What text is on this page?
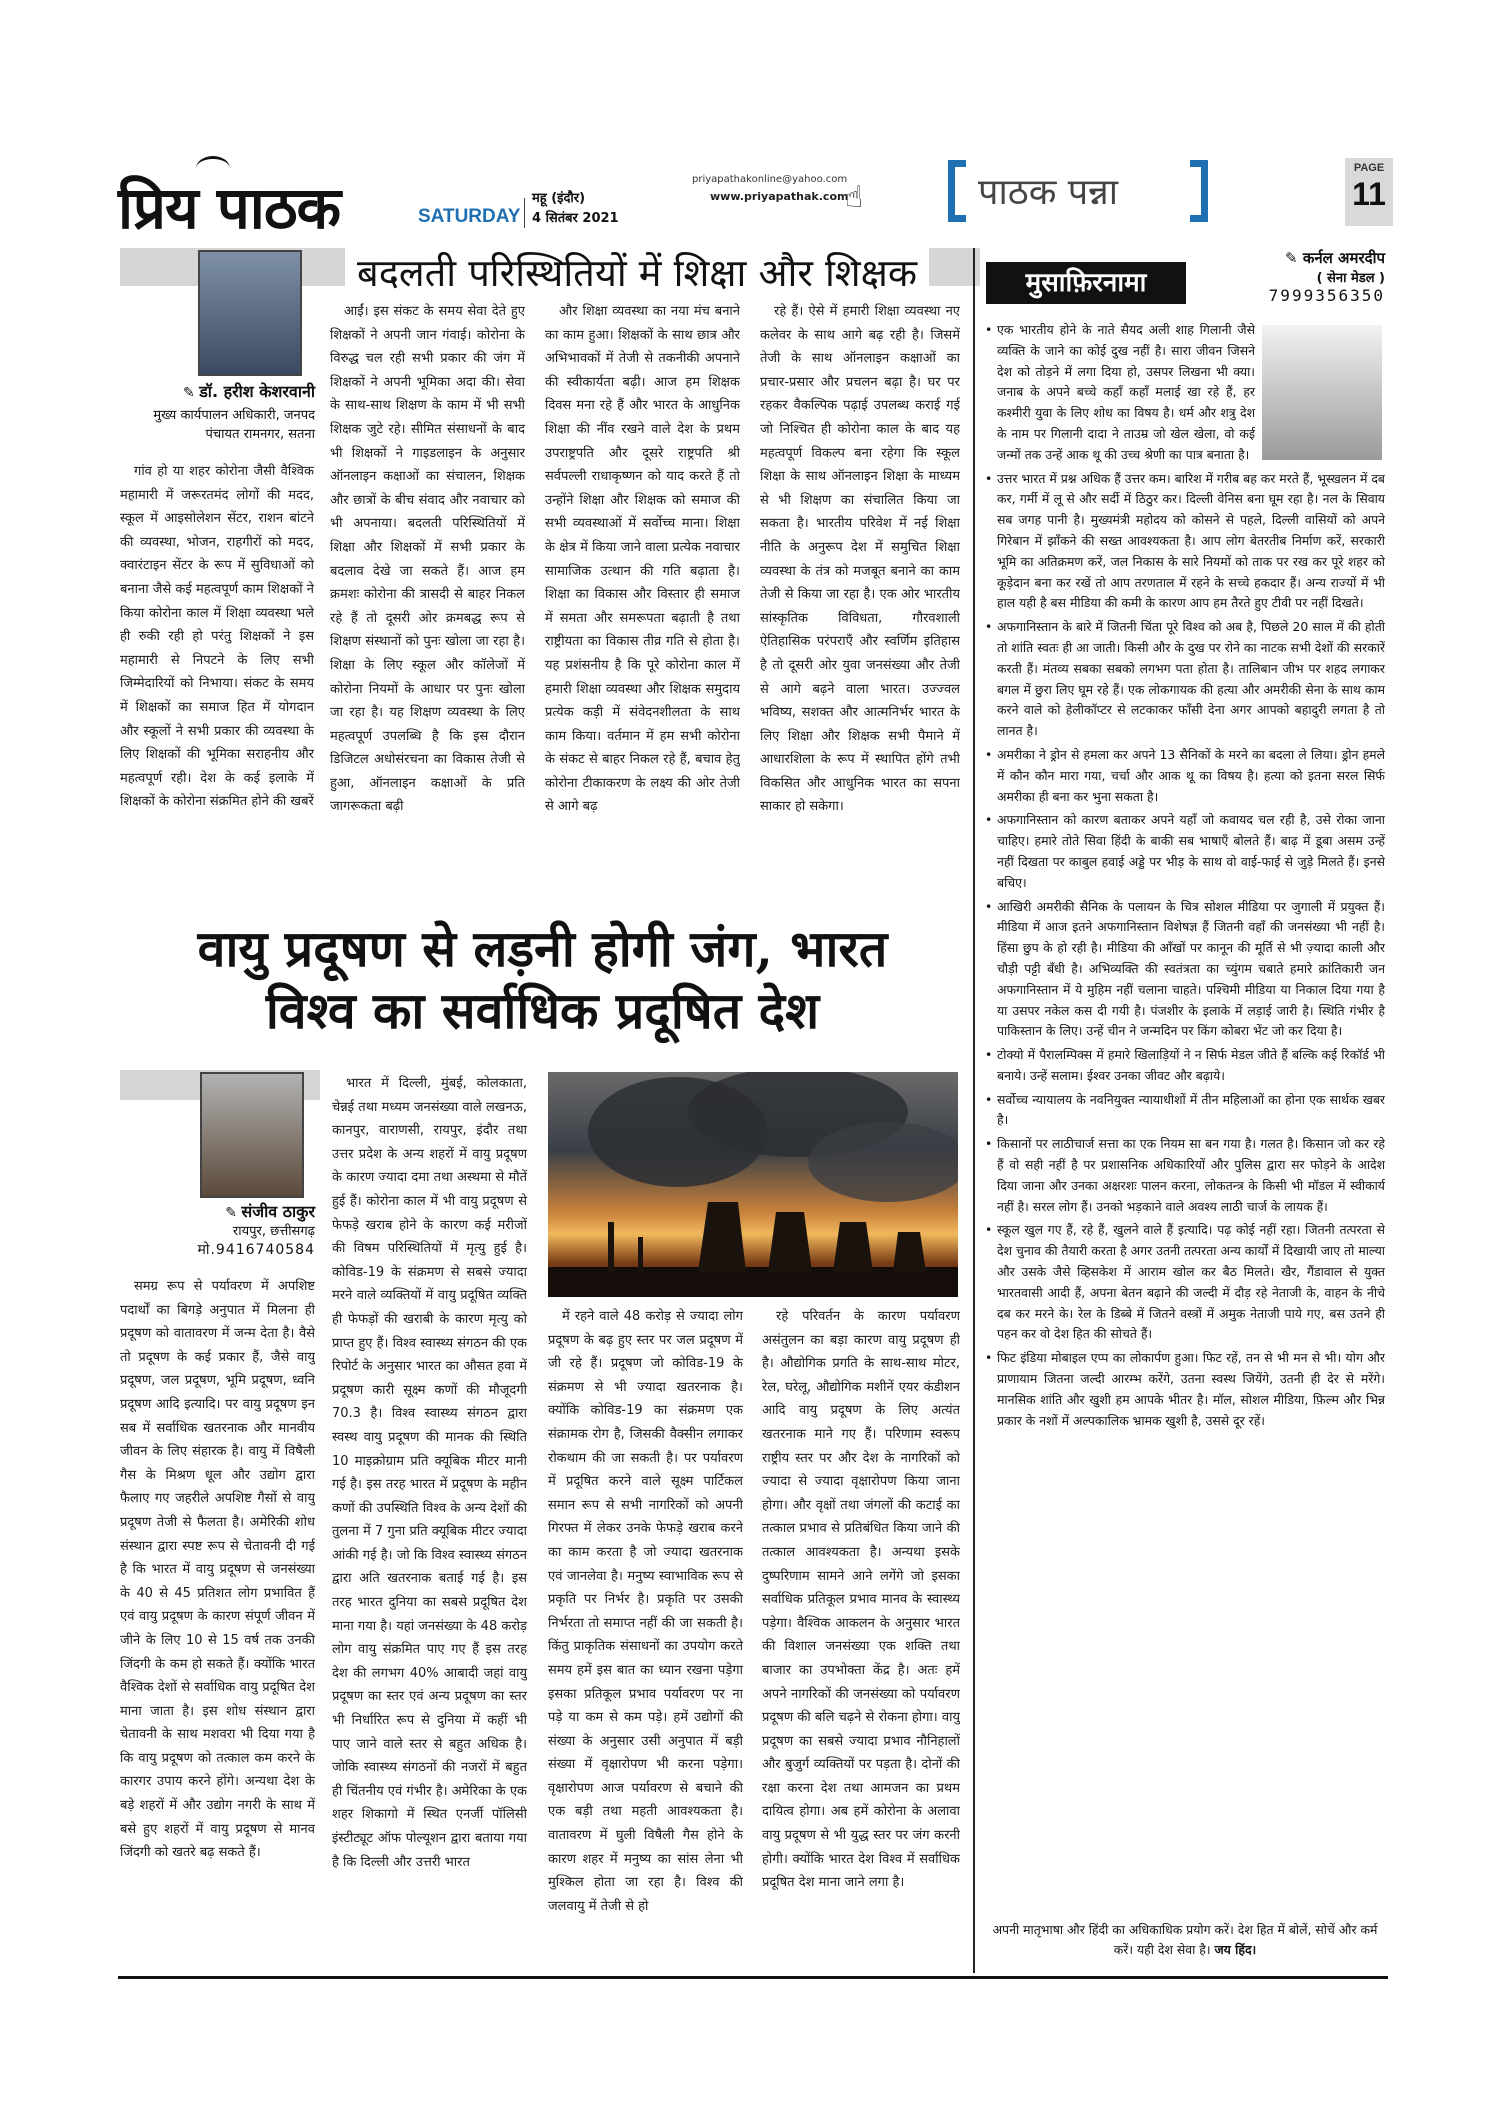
प्रिय पाठक	SATURDAY
महू (इंदौर)
4 सितंबर 2021
priyapathakonline@yahoo.com
www.priyapathak.com
☝	पाठक पन्ना
PAGE
11
बदलती परिस्थितियों में शिक्षा और शिक्षक
✎ डॉ. हरीश केशरवानी
मुख्य कार्यपालन अधिकारी, जनपद पंचायत रामनगर, सतना

गांव हो या शहर कोरोना जैसी वैश्विक महामारी में जरूरतमंद लोगों की मदद, स्कूल में आइसोलेशन सेंटर, राशन बांटने की व्यवस्था, भोजन, राहगीरों को मदद, क्वारंटाइन सेंटर के रूप में सुविधाओं को बनाना जैसे कई महत्वपूर्ण काम शिक्षकों ने किया कोरोना काल में शिक्षा व्यवस्था भले ही रुकी रही हो परंतु शिक्षकों ने इस महामारी से निपटने के लिए सभी जिम्मेदारियों को निभाया। संकट के समय में शिक्षकों का समाज हित में योगदान और स्कूलों ने सभी प्रकार की व्यवस्था के लिए शिक्षकों की भूमिका सराहनीय और महत्वपूर्ण रही। देश के कई इलाके में शिक्षकों के कोरोना संक्रमित होने की खबरें

आईं। इस संकट के समय सेवा देते हुए शिक्षकों ने अपनी जान गंवाई। कोरोना के विरुद्ध चल रही सभी प्रकार की जंग में शिक्षकों ने अपनी भूमिका अदा की। सेवा के साथ-साथ शिक्षण के काम में भी सभी शिक्षक जुटे रहे। सीमित संसाधनों के बाद भी शिक्षकों ने गाइडलाइन के अनुसार ऑनलाइन कक्षाओं का संचालन, शिक्षक और छात्रों के बीच संवाद और नवाचार को भी अपनाया। बदलती परिस्थितियों में शिक्षा और शिक्षकों में सभी प्रकार के बदलाव देखे जा सकते हैं। आज हम क्रमशः कोरोना की त्रासदी से बाहर निकल रहे हैं तो दूसरी ओर क्रमबद्ध रूप से शिक्षण संस्थानों को पुनः खोला जा रहा है। शिक्षा के लिए स्कूल और कॉलेजों में कोरोना नियमों के आधार पर पुनः खोला जा रहा है। यह शिक्षण व्यवस्था के लिए महत्वपूर्ण उपलब्धि है कि इस दौरान डिजिटल अधोसंरचना का विकास तेजी से हुआ, ऑनलाइन कक्षाओं के प्रति जागरूकता बढ़ी

और शिक्षा व्यवस्था का नया मंच बनाने का काम हुआ। शिक्षकों के साथ छात्र और अभिभावकों में तेजी से तकनीकी अपनाने की स्वीकार्यता बढ़ी। आज हम शिक्षक दिवस मना रहे हैं और भारत के आधुनिक शिक्षा की नींव रखने वाले देश के प्रथम उपराष्ट्रपति और दूसरे राष्ट्रपति श्री सर्वपल्ली राधाकृष्णन को याद करते हैं तो उन्होंने शिक्षा और शिक्षक को समाज की सभी व्यवस्थाओं में सर्वोच्च माना। शिक्षा के क्षेत्र में किया जाने वाला प्रत्येक नवाचार सामाजिक उत्थान की गति बढ़ाता है। शिक्षा का विकास और विस्तार ही समाज में समता और समरूपता बढ़ाती है तथा राष्ट्रीयता का विकास तीव्र गति से होता है। यह प्रशंसनीय है कि पूरे कोरोना काल में हमारी शिक्षा व्यवस्था और शिक्षक समुदाय प्रत्येक कड़ी में संवेदनशीलता के साथ काम किया। वर्तमान में हम सभी कोरोना के संकट से बाहर निकल रहे हैं, बचाव हेतु कोरोना टीकाकरण के लक्ष्य की ओर तेजी से आगे बढ़

रहे हैं। ऐसे में हमारी शिक्षा व्यवस्था नए कलेवर के साथ आगे बढ़ रही है। जिसमें तेजी के साथ ऑनलाइन कक्षाओं का प्रचार-प्रसार और प्रचलन बढ़ा है। घर पर रहकर वैकल्पिक पढ़ाई उपलब्ध कराई गई जो निश्चित ही कोरोना काल के बाद यह महत्वपूर्ण विकल्प बना रहेगा कि स्कूल शिक्षा के साथ ऑनलाइन शिक्षा के माध्यम से भी शिक्षण का संचालित किया जा सकता है। भारतीय परिवेश में नई शिक्षा नीति के अनुरूप देश में समुचित शिक्षा व्यवस्था के तंत्र को मजबूत बनाने का काम तेजी से किया जा रहा है। एक ओर भारतीय सांस्कृतिक विविधता, गौरवशाली ऐतिहासिक परंपराएँ और स्वर्णिम इतिहास है तो दूसरी ओर युवा जनसंख्या और तेजी से आगे बढ़ने वाला भारत। उज्ज्वल भविष्य, सशक्त और आत्मनिर्भर भारत के लिए शिक्षा और शिक्षक सभी पैमाने में आधारशिला के रूप में स्थापित होंगे तभी विकसित और आधुनिक भारत का सपना साकार हो सकेगा।

वायु प्रदूषण से लड़नी होगी जंग, भारत
विश्व का सर्वाधिक प्रदूषित देश
✎ संजीव ठाकुर
रायपुर, छत्तीसगढ़
मो.9416740584

समग्र रूप से पर्यावरण में अपशिष्ट पदार्थों का बिगड़े अनुपात में मिलना ही प्रदूषण को वातावरण में जन्म देता है। वैसे तो प्रदूषण के कई प्रकार हैं, जैसे वायु प्रदूषण, जल प्रदूषण, भूमि प्रदूषण, ध्वनि प्रदूषण आदि इत्यादि। पर वायु प्रदूषण इन सब में सर्वाधिक खतरनाक और मानवीय जीवन के लिए संहारक है। वायु में विषैली गैस के मिश्रण धूल और उद्योग द्वारा फैलाए गए जहरीले अपशिष्ट गैसों से वायु प्रदूषण तेजी से फैलता है। अमेरिकी शोध संस्थान द्वारा स्पष्ट रूप से चेतावनी दी गई है कि भारत में वायु प्रदूषण से जनसंख्या के 40 से 45 प्रतिशत लोग प्रभावित हैं एवं वायु प्रदूषण के कारण संपूर्ण जीवन में जीने के लिए 10 से 15 वर्ष तक उनकी जिंदगी के कम हो सकते हैं। क्योंकि भारत वैश्विक देशों से सर्वाधिक वायु प्रदूषित देश माना जाता है। इस शोध संस्थान द्वारा चेतावनी के साथ मशवरा भी दिया गया है कि वायु प्रदूषण को तत्काल कम करने के कारगर उपाय करने होंगे। अन्यथा देश के बड़े शहरों में और उद्योग नगरी के साथ में बसे हुए शहरों में वायु प्रदूषण से मानव जिंदगी को खतरे बढ़ सकते हैं।

भारत में दिल्ली, मुंबई, कोलकाता, चेन्नई तथा मध्यम जनसंख्या वाले लखनऊ, कानपुर, वाराणसी, रायपुर, इंदौर तथा उत्तर प्रदेश के अन्य शहरों में वायु प्रदूषण के कारण ज्यादा दमा तथा अस्थमा से मौतें हुई हैं। कोरोना काल में भी वायु प्रदूषण से फेफड़े खराब होने के कारण कई मरीजों की विषम परिस्थितियों में मृत्यु हुई है। कोविड-19 के संक्रमण से सबसे ज्यादा मरने वाले व्यक्तियों में वायु प्रदूषित व्यक्ति ही फेफड़ों की खराबी के कारण मृत्यु को प्राप्त हुए हैं। विश्व स्वास्थ्य संगठन की एक रिपोर्ट के अनुसार भारत का औसत हवा में प्रदूषण कारी सूक्ष्म कणों की मौजूदगी 70.3 है। विश्व स्वास्थ्य संगठन द्वारा स्वस्थ वायु प्रदूषण की मानक की स्थिति 10 माइक्रोग्राम प्रति क्यूबिक मीटर मानी गई है। इस तरह भारत में प्रदूषण के महीन कणों की उपस्थिति विश्व के अन्य देशों की तुलना में 7 गुना प्रति क्यूबिक मीटर ज्यादा आंकी गई है। जो कि विश्व स्वास्थ्य संगठन द्वारा अति खतरनाक बताई गई है। इस तरह भारत दुनिया का सबसे प्रदूषित देश माना गया है। यहां जनसंख्या के 48 करोड़ लोग वायु संक्रमित पाए गए हैं इस तरह देश की लगभग 40% आबादी जहां वायु प्रदूषण का स्तर एवं अन्य प्रदूषण का स्तर भी निर्धारित रूप से दुनिया में कहीं भी पाए जाने वाले स्तर से बहुत अधिक है। जोकि स्वास्थ्य संगठनों की नजरों में बहुत ही चिंतनीय एवं गंभीर है। अमेरिका के एक शहर शिकागो में स्थित एनर्जी पॉलिसी इंस्टीट्यूट ऑफ पोल्यूशन द्वारा बताया गया है कि दिल्ली और उत्तरी भारत

में रहने वाले 48 करोड़ से ज्यादा लोग प्रदूषण के बढ़ हुए स्तर पर जल प्रदूषण में जी रहे हैं। प्रदूषण जो कोविड-19 के संक्रमण से भी ज्यादा खतरनाक है। क्योंकि कोविड-19 का संक्रमण एक संक्रामक रोग है, जिसकी वैक्सीन लगाकर रोकथाम की जा सकती है। पर पर्यावरण में प्रदूषित करने वाले सूक्ष्म पार्टिकल समान रूप से सभी नागरिकों को अपनी गिरफ्त में लेकर उनके फेफड़े खराब करने का काम करता है जो ज्यादा खतरनाक एवं जानलेवा है। मनुष्य स्वाभाविक रूप से प्रकृति पर निर्भर है। प्रकृति पर उसकी निर्भरता तो समाप्त नहीं की जा सकती है। किंतु प्राकृतिक संसाधनों का उपयोग करते समय हमें इस बात का ध्यान रखना पड़ेगा इसका प्रतिकूल प्रभाव पर्यावरण पर ना पड़े या कम से कम पड़े। हमें उद्योगों की संख्या के अनुसार उसी अनुपात में बड़ी संख्या में वृक्षारोपण भी करना पड़ेगा। वृक्षारोपण आज पर्यावरण से बचाने की एक बड़ी तथा महती आवश्यकता है। वातावरण में घुली विषैली गैस होने के कारण शहर में मनुष्य का सांस लेना भी मुश्किल होता जा रहा है। विश्व की जलवायु में तेजी से हो

रहे परिवर्तन के कारण पर्यावरण असंतुलन का बड़ा कारण वायु प्रदूषण ही है। औद्योगिक प्रगति के साथ-साथ मोटर, रेल, घरेलू, औद्योगिक मशीनें एयर कंडीशन आदि वायु प्रदूषण के लिए अत्यंत खतरनाक माने गए हैं। परिणाम स्वरूप राष्ट्रीय स्तर पर और देश के नागरिकों को ज्यादा से ज्यादा वृक्षारोपण किया जाना होगा। और वृक्षों तथा जंगलों की कटाई का तत्काल प्रभाव से प्रतिबंधित किया जाने की तत्काल आवश्यकता है। अन्यथा इसके दुष्परिणाम सामने आने लगेंगे जो इसका सर्वाधिक प्रतिकूल प्रभाव मानव के स्वास्थ्य पड़ेगा। वैश्विक आकलन के अनुसार भारत की विशाल जनसंख्या एक शक्ति तथा बाजार का उपभोक्ता केंद्र है। अतः हमें अपने नागरिकों की जनसंख्या को पर्यावरण प्रदूषण की बलि चढ़ने से रोकना होगा। वायु प्रदूषण का सबसे ज्यादा प्रभाव नौनिहालों और बुजुर्ग व्यक्तियों पर पड़ता है। दोनों की रक्षा करना देश तथा आमजन का प्रथम दायित्व होगा। अब हमें कोरोना के अलावा वायु प्रदूषण से भी युद्ध स्तर पर जंग करनी होगी। क्योंकि भारत देश विश्व में सर्वाधिक प्रदूषित देश माना जाने लगा है।

मुसाफ़िरनामा
✎ कर्नल अमरदीप
( सेना मेडल )
7999356350

• एक भारतीय होने के नाते सैयद अली शाह गिलानी जैसे व्यक्ति के जाने का कोई दुख नहीं है। सारा जीवन जिसने देश को तोड़ने में लगा दिया हो, उसपर लिखना भी क्या। जनाब के अपने बच्चे कहाँ कहाँ मलाई खा रहे हैं, हर कश्मीरी युवा के लिए शोध का विषय है। धर्म और शत्रु देश के नाम पर गिलानी दादा ने ताउम्र जो खेल खेला, वो कई जन्मों तक उन्हें आक थू की उच्च श्रेणी का पात्र बनाता है।

• उत्तर भारत में प्रश्न अधिक हैं उत्तर कम। बारिश में गरीब बह कर मरते हैं, भूस्खलन में दब कर, गर्मी में लू से और सर्दी में ठिठुर कर। दिल्ली वेनिस बना घूम रहा है। नल के सिवाय सब जगह पानी है। मुख्यमंत्री महोदय को कोसने से पहले, दिल्ली वासियों को अपने गिरेबान में झाँकने की सख्त आवश्यकता है। आप लोग बेतरतीब निर्माण करें, सरकारी भूमि का अतिक्रमण करें, जल निकास के सारे नियमों को ताक पर रख कर पूरे शहर को कूड़ेदान बना कर रखें तो आप तरणताल में रहने के सच्चे हकदार हैं। अन्य राज्यों में भी हाल यही है बस मीडिया की कमी के कारण आप हम तैरते हुए टीवी पर नहीं दिखते।

• अफगानिस्तान के बारे में जितनी चिंता पूरे विश्व को अब है, पिछले 20 साल में की होती तो शांति स्वतः ही आ जाती। किसी और के दुख पर रोने का नाटक सभी देशों की सरकारें करती हैं। मंतव्य सबका सबको लगभग पता होता है। तालिबान जीभ पर शहद लगाकर बगल में छुरा लिए घूम रहे हैं। एक लोकगायक की हत्या और अमरीकी सेना के साथ काम करने वाले को हेलीकॉप्टर से लटकाकर फाँसी देना अगर आपको बहादुरी लगता है तो लानत है।

• अमरीका ने ड्रोन से हमला कर अपने 13 सैनिकों के मरने का बदला ले लिया। ड्रोन हमले में कौन कौन मारा गया, चर्चा और आक थू का विषय है। हत्या को इतना सरल सिर्फ अमरीका ही बना कर भुना सकता है।

• अफगानिस्तान को कारण बताकर अपने यहाँ जो कवायद चल रही है, उसे रोका जाना चाहिए। हमारे तोते सिवा हिंदी के बाकी सब भाषाएँ बोलते हैं। बाढ़ में डूबा असम उन्हें नहीं दिखता पर काबुल हवाई अड्डे पर भीड़ के साथ वो वाई-फाई से जुड़े मिलते हैं। इनसे बचिए।

• आखिरी अमरीकी सैनिक के पलायन के चित्र सोशल मीडिया पर जुगाली में प्रयुक्त हैं। मीडिया में आज इतने अफगानिस्तान विशेषज्ञ हैं जितनी वहाँ की जनसंख्या भी नहीं है। हिंसा छुप के हो रही है। मीडिया की आँखों पर कानून की मूर्ति से भी ज़्यादा काली और चौड़ी पट्टी बँधी है। अभिव्यक्ति की स्वतंत्रता का च्युंगम चबाते हमारे क्रांतिकारी जन अफगानिस्तान में ये मुहिम नहीं चलाना चाहते। पश्चिमी मीडिया या निकाल दिया गया है या उसपर नकेल कस दी गयी है। पंजशीर के इलाके में लड़ाई जारी है। स्थिति गंभीर है पाकिस्तान के लिए। उन्हें चीन ने जन्मदिन पर किंग कोबरा भेंट जो कर दिया है।

• टोक्यो में पैरालम्पिक्स में हमारे खिलाड़ियों ने न सिर्फ मेडल जीते हैं बल्कि कई रिकॉर्ड भी बनाये। उन्हें सलाम। ईश्वर उनका जीवट और बढ़ाये।

• सर्वोच्च न्यायालय के नवनियुक्त न्यायाधीशों में तीन महिलाओं का होना एक सार्थक खबर है।

• किसानों पर लाठीचार्ज सत्ता का एक नियम सा बन गया है। गलत है। किसान जो कर रहे हैं वो सही नहीं है पर प्रशासनिक अधिकारियों और पुलिस द्वारा सर फोड़ने के आदेश दिया जाना और उनका अक्षरशः पालन करना, लोकतन्त्र के किसी भी मॉडल में स्वीकार्य नहीं है। सरल लोग हैं। उनको भड़काने वाले अवश्य लाठी चार्ज के लायक हैं।

• स्कूल खुल गए हैं, रहे हैं, खुलने वाले हैं इत्यादि। पढ़ कोई नहीं रहा। जितनी तत्परता से देश चुनाव की तैयारी करता है अगर उतनी तत्परता अन्य कार्यों में दिखायी जाए तो माल्या और उसके जैसे व्हिसकेश में आराम खोल कर बैठ मिलते। खैर, गैंडावाल से युक्त भारतवासी आदी हैं, अपना बेतन बढ़ाने की जल्दी में दौड़ रहे नेताजी के, वाहन के नीचे दब कर मरने के। रेल के डिब्बे में जितने वस्त्रों में अमुक नेताजी पाये गए, बस उतने ही पहन कर वो देश हित की सोचते हैं।

• फिट इंडिया मोबाइल एप्प का लोकार्पण हुआ। फिट रहें, तन से भी मन से भी। योग और प्राणायाम जितना जल्दी आरम्भ करेंगे, उतना स्वस्थ जियेंगे, उतनी ही देर से मरेंगे। मानसिक शांति और खुशी हम आपके भीतर है। मॉल, सोशल मीडिया, फ़िल्म और भिन्न प्रकार के नशों में अल्पकालिक भ्रामक खुशी है, उससे दूर रहें।

अपनी मातृभाषा और हिंदी का अधिकाधिक प्रयोग करें। देश हित में बोलें, सोचें और कर्म करें। यही देश सेवा है। जय हिंद।
